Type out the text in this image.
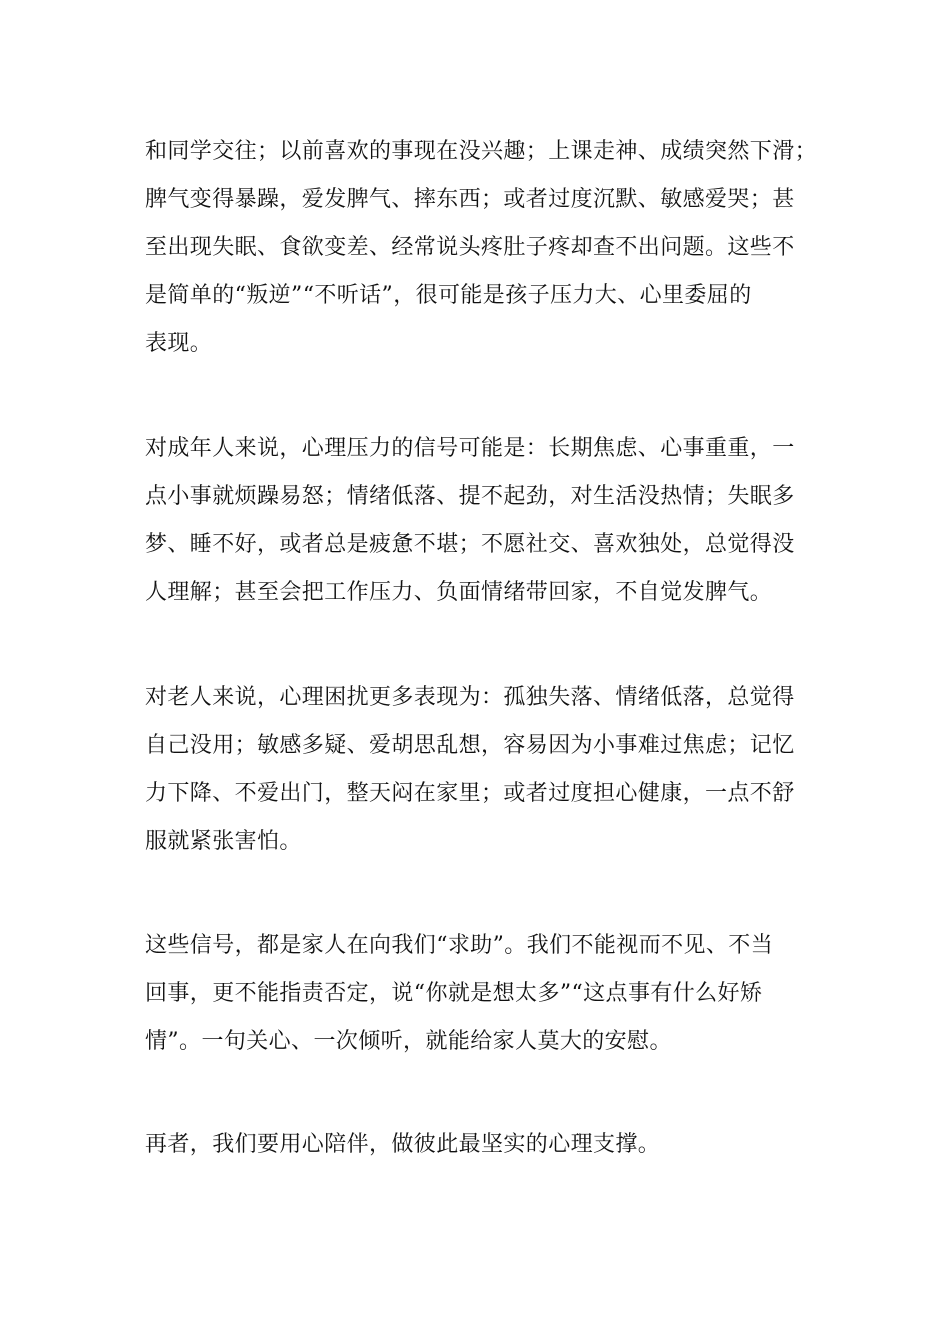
和同学交往；以前喜欢的事现在没兴趣；上课走神、成绩突然下滑；
脾气变得暴躁，爱发脾气、摔东西；或者过度沉默、敏感爱哭；甚
至出现失眠、食欲变差、经常说头疼肚子疼却查不出问题。这些不
是简单的“叛逆”“不听话”，很可能是孩子压力大、心里委屈的
表现。
对成年人来说，心理压力的信号可能是：长期焦虑、心事重重，一
点小事就烦躁易怒；情绪低落、提不起劲，对生活没热情；失眠多
梦、睡不好，或者总是疲惫不堪；不愿社交、喜欢独处，总觉得没
人理解；甚至会把工作压力、负面情绪带回家，不自觉发脾气。
对老人来说，心理困扰更多表现为：孤独失落、情绪低落，总觉得
自己没用；敏感多疑、爱胡思乱想，容易因为小事难过焦虑；记忆
力下降、不爱出门，整天闷在家里；或者过度担心健康，一点不舒
服就紧张害怕。
这些信号，都是家人在向我们“求助”。我们不能视而不见、不当
回事，更不能指责否定，说“你就是想太多”“这点事有什么好矫
情”。一句关心、一次倾听，就能给家人莫大的安慰。
再者，我们要用心陪伴，做彼此最坚实的心理支撑。
